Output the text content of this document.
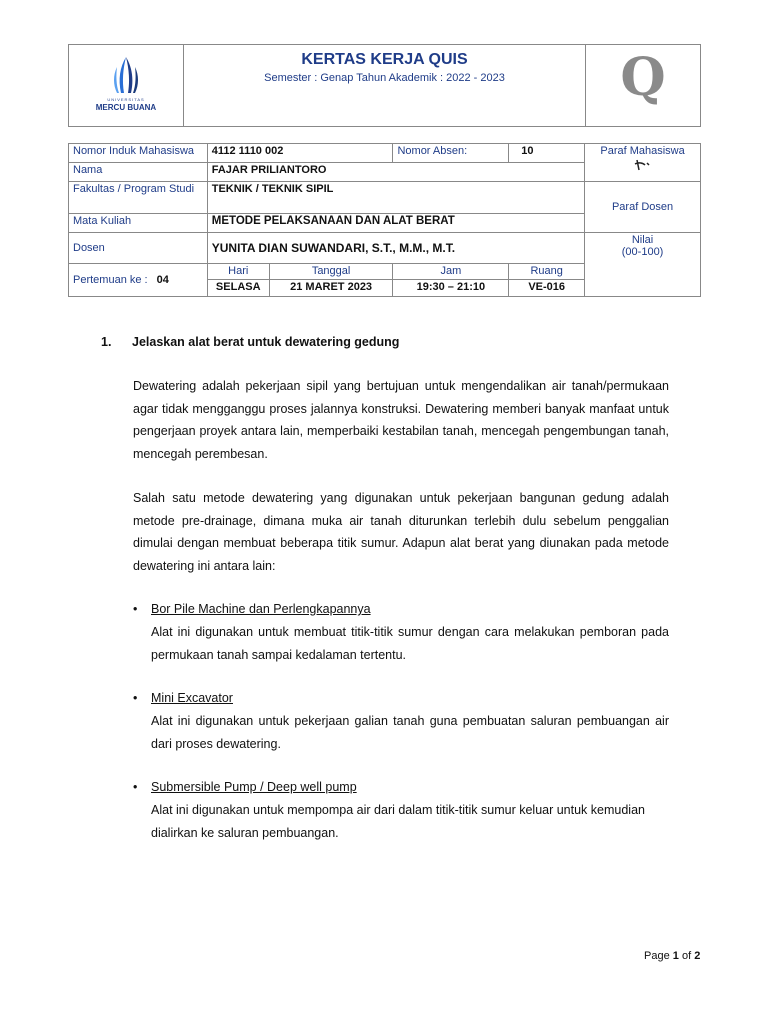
UNIVERSITAS
MERCU BUANA
KERTAS KERJA QUIS
Semester : Genap Tahun Akademik : 2022 - 2023	Q
Nomor Induk Mahasiswa	4112 1110 002		Nomor Absen:	10	Paraf Mahasiswa

Nama	FAJAR PRILIANTORO				
Fakultas / Program Studi	TEKNIK / TEKNIK SIPIL				Paraf Dosen
Mata Kuliah	METODE PELAKSANAAN DAN ALAT BERAT				
Dosen	YUNITA DIAN SUWANDARI, S.T., M.M., M.T.				Nilai
(00-100)

Pertemuan ke : 04	Hari	Tanggal	Jam	Ruang	
	SELASA	21 MARET 2023	19:30 – 21:10	VE-016	
1. Jelaskan alat berat untuk dewatering gedung
Dewatering adalah pekerjaan sipil yang bertujuan untuk mengendalikan air tanah/permukaan agar tidak mengganggu proses jalannya konstruksi. Dewatering memberi banyak manfaat untuk pengerjaan proyek antara lain, memperbaiki kestabilan tanah, mencegah pengembungan tanah, mencegah perembesan.
Salah satu metode dewatering yang digunakan untuk pekerjaan bangunan gedung adalah metode pre-drainage, dimana muka air tanah diturunkan terlebih dulu sebelum penggalian dimulai dengan membuat beberapa titik sumur. Adapun alat berat yang diunakan pada metode dewatering ini antara lain:
• Bor Pile Machine dan Perlengkapannya
Alat ini digunakan untuk membuat titik-titik sumur dengan cara melakukan pemboran pada permukaan tanah sampai kedalaman tertentu.
• Mini Excavator
Alat ini digunakan untuk pekerjaan galian tanah guna pembuatan saluran pembuangan air dari proses dewatering.
• Submersible Pump / Deep well pump
Alat ini digunakan untuk mempompa air dari dalam titik-titik sumur keluar untuk kemudian dialirkan ke saluran pembuangan.
Page 1 of 2
